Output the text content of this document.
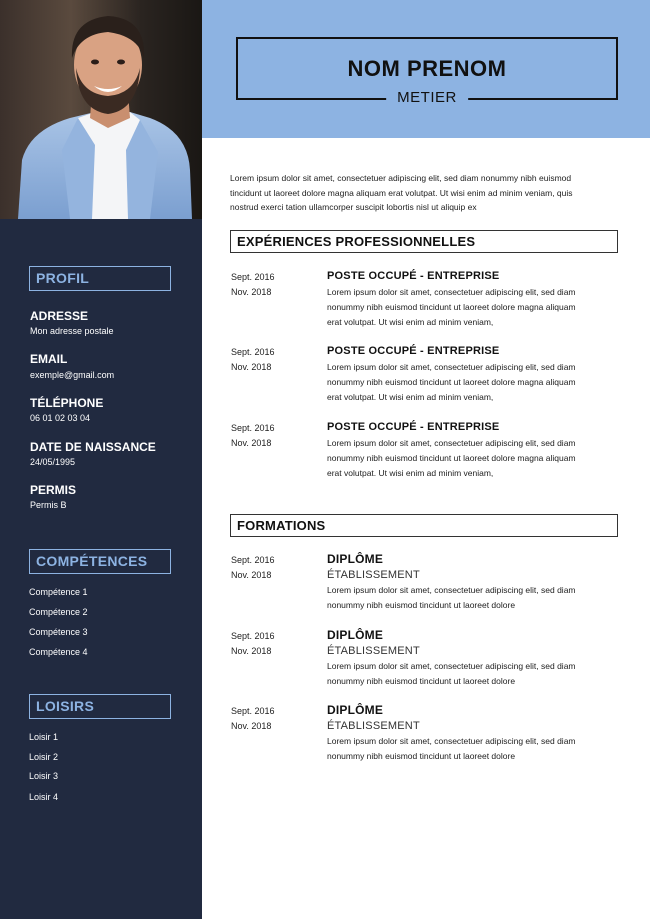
PROFIL
ADRESSE
Mon adresse postale
EMAIL
exemple@gmail.com
TÉLÉPHONE
06 01 02 03 04
DATE DE NAISSANCE
24/05/1995
PERMIS
Permis B
COMPÉTENCES
Compétence 1
Compétence 2
Compétence 3
Compétence 4
LOISIRS
Loisir 1
Loisir 2
Loisir 3
Loisir 4
NOM PRENOM
METIER
Lorem ipsum dolor sit amet, consectetuer adipiscing elit, sed diam nonummy nibh euismod tincidunt ut laoreet dolore magna aliquam erat volutpat. Ut wisi enim ad minim veniam, quis nostrud exerci tation ullamcorper suscipit lobortis nisl ut aliquip ex
EXPÉRIENCES PROFESSIONNELLES
Sept. 2016
Nov. 2018
POSTE OCCUPÉ - ENTREPRISE
Lorem ipsum dolor sit amet, consectetuer adipiscing elit, sed diam nonummy nibh euismod tincidunt ut laoreet dolore magna aliquam erat volutpat. Ut wisi enim ad minim veniam,
Sept. 2016
Nov. 2018
POSTE OCCUPÉ - ENTREPRISE
Lorem ipsum dolor sit amet, consectetuer adipiscing elit, sed diam nonummy nibh euismod tincidunt ut laoreet dolore magna aliquam erat volutpat. Ut wisi enim ad minim veniam,
Sept. 2016
Nov. 2018
POSTE OCCUPÉ - ENTREPRISE
Lorem ipsum dolor sit amet, consectetuer adipiscing elit, sed diam nonummy nibh euismod tincidunt ut laoreet dolore magna aliquam erat volutpat. Ut wisi enim ad minim veniam,
FORMATIONS
Sept. 2016
Nov. 2018
DIPLÔME
ÉTABLISSEMENT
Lorem ipsum dolor sit amet, consectetuer adipiscing elit, sed diam nonummy nibh euismod tincidunt ut laoreet dolore
Sept. 2016
Nov. 2018
DIPLÔME
ÉTABLISSEMENT
Lorem ipsum dolor sit amet, consectetuer adipiscing elit, sed diam nonummy nibh euismod tincidunt ut laoreet dolore
Sept. 2016
Nov. 2018
DIPLÔME
ÉTABLISSEMENT
Lorem ipsum dolor sit amet, consectetuer adipiscing elit, sed diam nonummy nibh euismod tincidunt ut laoreet dolore
